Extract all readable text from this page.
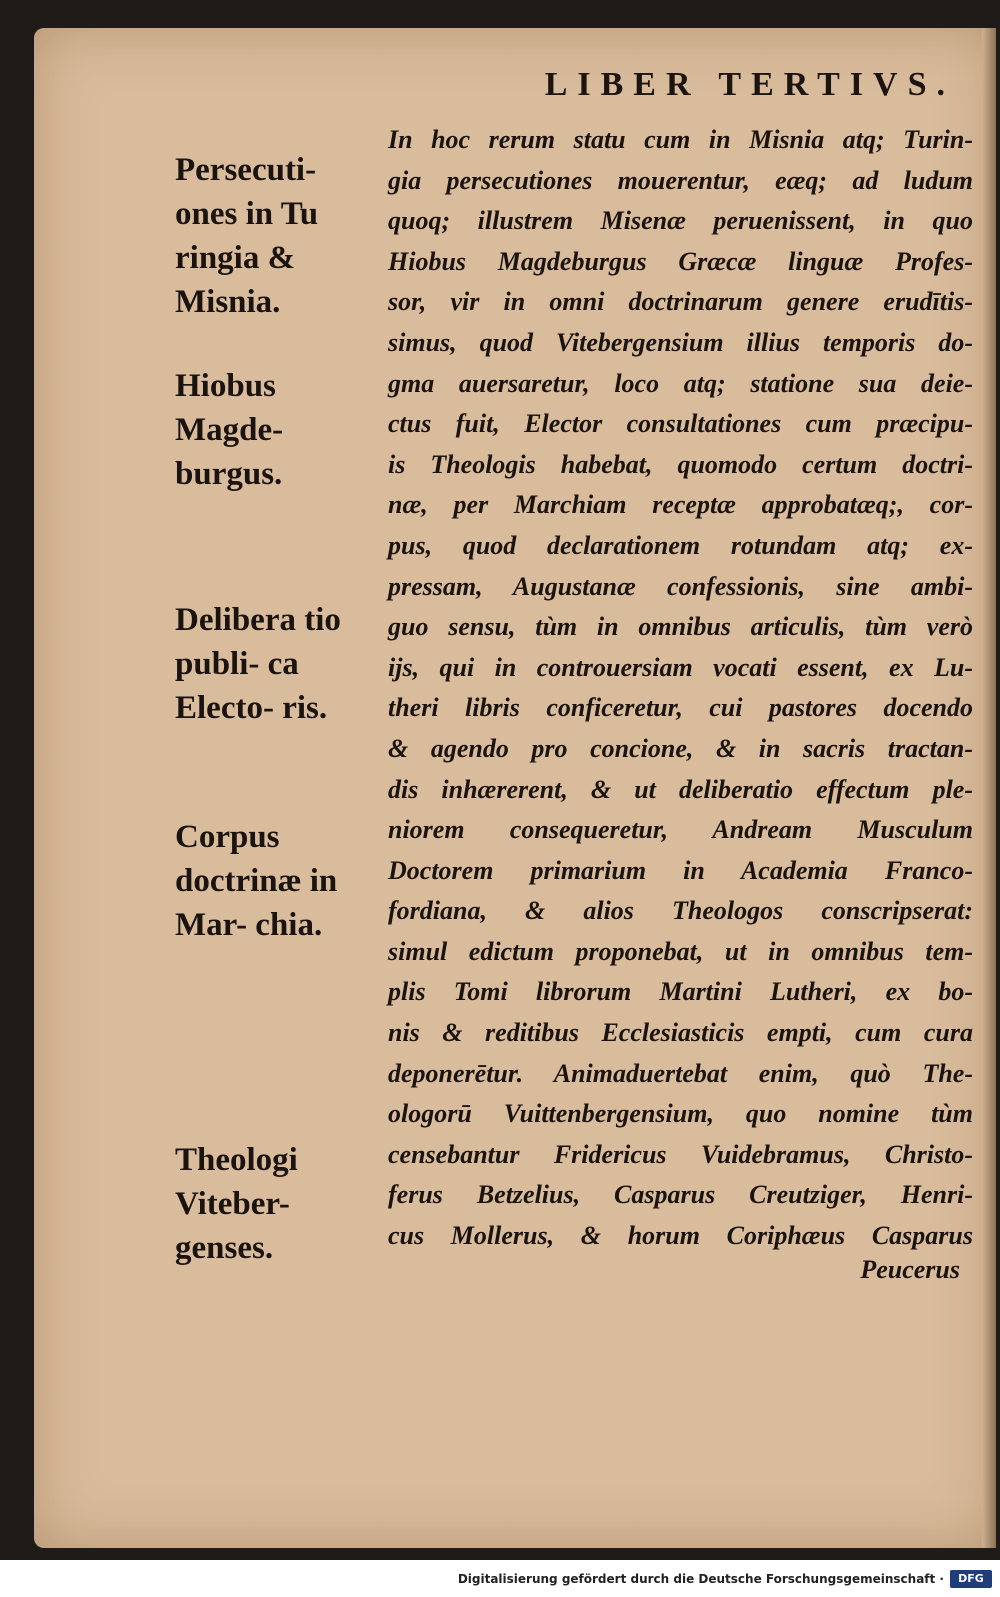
LIBER TERTIVS.
Persecuti- ones in Tu ringia & Misnia.
Hiobus Magde- burgus.
Delibera tio publi- ca Electo- ris.
Corpus doctrinæ in Mar- chia.
Theologi Viteber- genses.
In hoc rerum statu cum in Misnia atq; Turin-
gia persecutiones mouerentur, eæq; ad ludum
quoq; illustrem Misenæ peruenissent, in quo
Hiobus Magdeburgus Græcæ linguæ Profes-
sor, vir in omni doctrinarum genere erudītis-
simus, quod Vitebergensium illius temporis do-
gma auersaretur, loco atq; statione sua deie-
ctus fuit, Elector consultationes cum præcipu-
is Theologis habebat, quomodo certum doctri-
næ, per Marchiam receptæ approbatæq;, cor-
pus, quod declarationem rotundam atq; ex-
pressam, Augustanæ confessionis, sine ambi-
guo sensu, tùm in omnibus articulis, tùm verò
ijs, qui in controuersiam vocati essent, ex Lu-
theri libris conficeretur, cui pastores docendo
& agendo pro concione, & in sacris tractan-
dis inhærerent, & ut deliberatio effectum ple-
niorem consequeretur, Andream Musculum
Doctorem primarium in Academia Franco-
fordiana, & alios Theologos conscripserat:
simul edictum proponebat, ut in omnibus tem-
plis Tomi librorum Martini Lutheri, ex bo-
nis & reditibus Ecclesiasticis empti, cum cura
deponerētur. Animaduertebat enim, quò The-
ologorū Vuittenbergensium, quo nomine tùm
censebantur Fridericus Vuidebramus, Christo-
ferus Betzelius, Casparus Creutziger, Henri-
cus Mollerus, & horum Coriphæus Casparus
Peucerus
Digitalisierung gefördert durch die Deutsche Forschungsgemeinschaft ·	DFG
